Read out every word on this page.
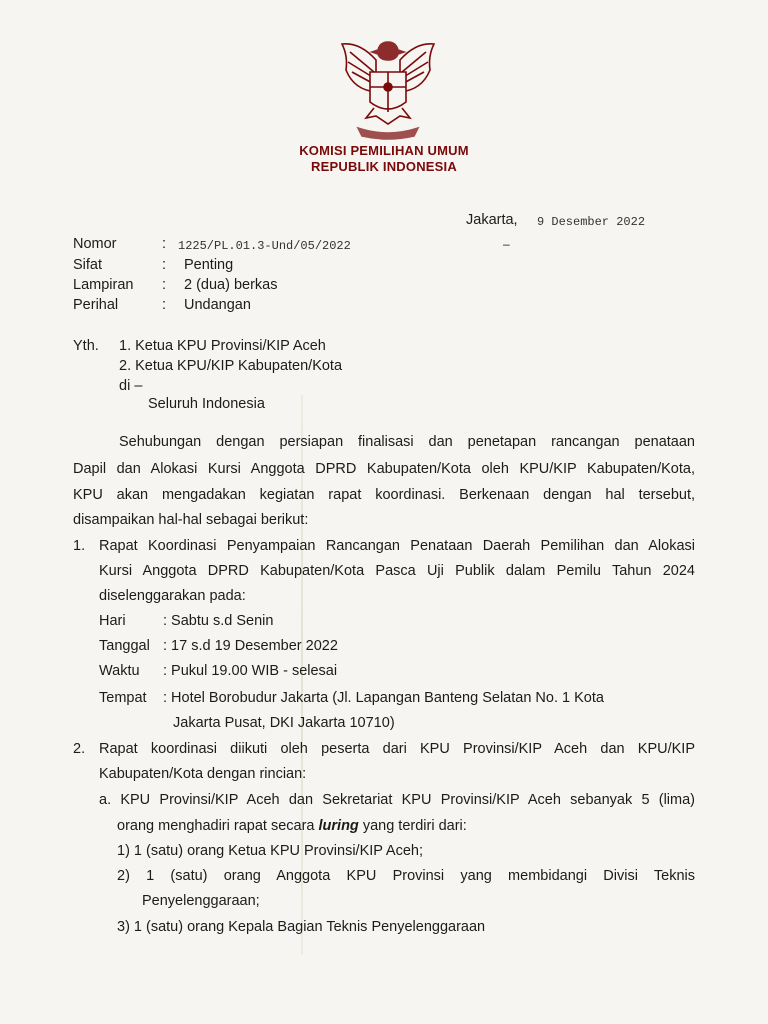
KOMISI PEMILIHAN UMUM
REPUBLIK INDONESIA
Jakarta, 9 Desember 2022
–
Nomor	: 1225/PL.01.3-Und/05/2022
Sifat	: Penting
Lampiran : 2 (dua) berkas
Perihal	: Undangan
Yth. 1. Ketua KPU Provinsi/KIP Aceh
2. Ketua KPU/KIP Kabupaten/Kota
di –
Seluruh Indonesia
Sehubungan dengan persiapan finalisasi dan penetapan rancangan penataan
Dapil dan Alokasi Kursi Anggota DPRD Kabupaten/Kota oleh KPU/KIP Kabupaten/Kota,
KPU akan mengadakan kegiatan rapat koordinasi. Berkenaan dengan hal tersebut,
disampaikan hal-hal sebagai berikut:
1. Rapat Koordinasi Penyampaian Rancangan Penataan Daerah Pemilihan dan Alokasi
Kursi Anggota DPRD Kabupaten/Kota Pasca Uji Publik dalam Pemilu Tahun 2024
diselenggarakan pada:
Hari	: Sabtu s.d Senin
Tanggal : 17 s.d 19 Desember 2022
Waktu : Pukul 19.00 WIB - selesai
Tempat : Hotel Borobudur Jakarta (Jl. Lapangan Banteng Selatan No. 1 Kota
Jakarta Pusat, DKI Jakarta 10710)
2. Rapat koordinasi diikuti oleh peserta dari KPU Provinsi/KIP Aceh dan KPU/KIP
Kabupaten/Kota dengan rincian:
a. KPU Provinsi/KIP Aceh dan Sekretariat KPU Provinsi/KIP Aceh sebanyak 5 (lima)
orang menghadiri rapat secara luring yang terdiri dari:
1) 1 (satu) orang Ketua KPU Provinsi/KIP Aceh;
2) 1 (satu) orang Anggota KPU Provinsi yang membidangi Divisi Teknis
Penyelenggaraan;
3) 1 (satu) orang Kepala Bagian Teknis Penyelenggaraan
